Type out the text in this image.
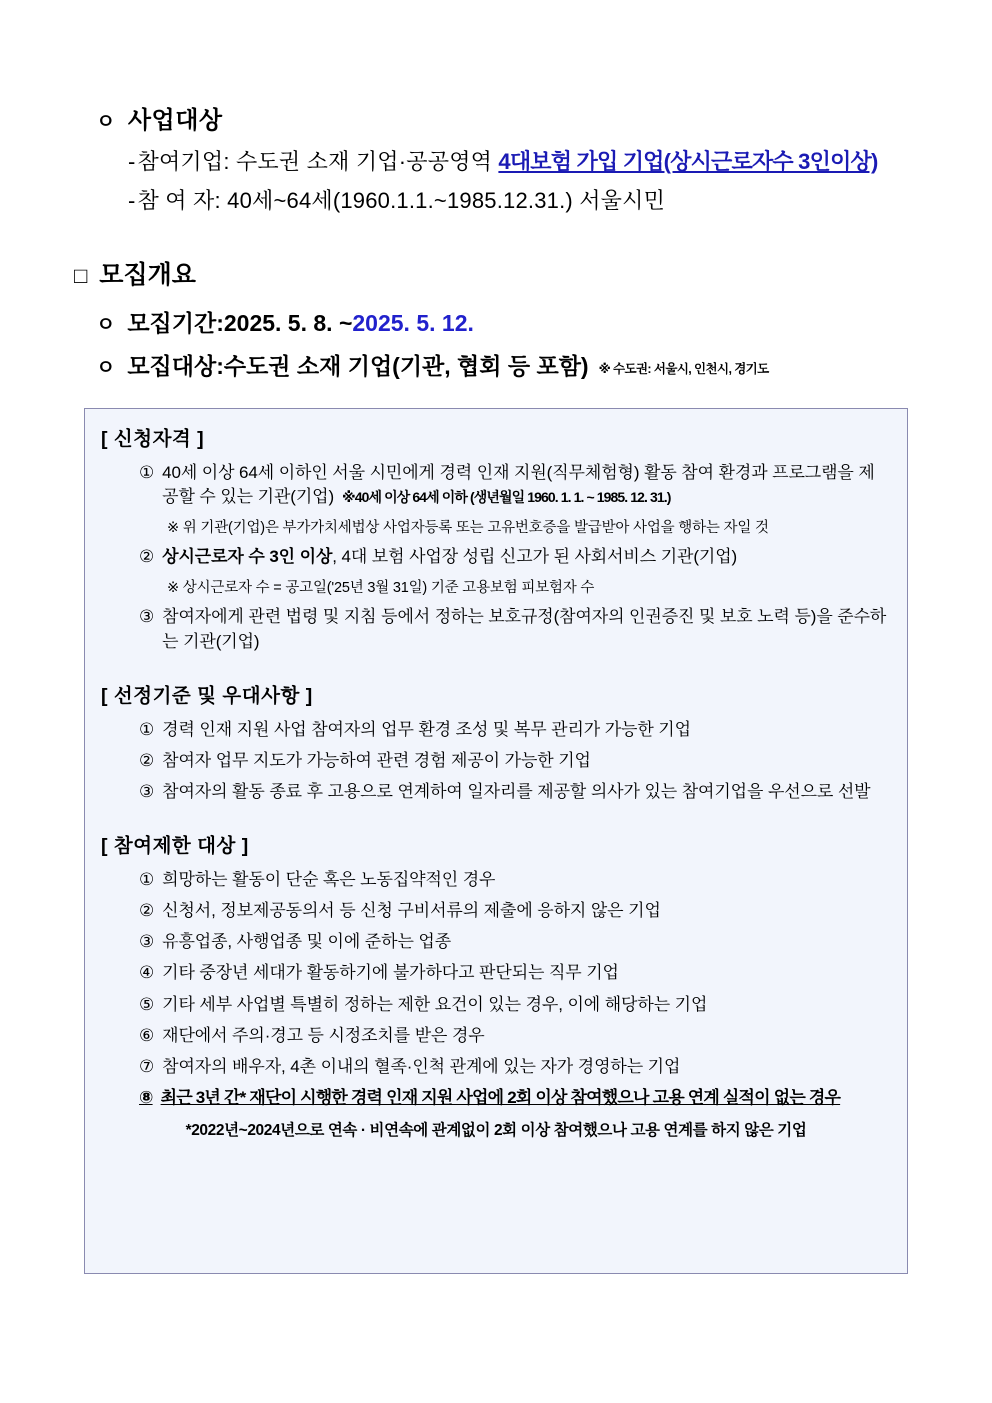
ㅇ 사업대상
-참여기업: 수도권 소재 기업·공공영역 4대보험 가입 기업(상시근로자수 3인이상)
-참 여 자: 40세~64세(1960.1.1.~1985.12.31.) 서울시민
□ 모집개요
ㅇ 모집기간: 2025. 5. 8. ~ 2025. 5. 12.
ㅇ 모집대상: 수도권 소재 기업(기관, 협회 등 포함) ※ 수도권: 서울시, 인천시, 경기도
[ 신청자격 ]
① 40세 이상 64세 이하인 서울 시민에게 경력 인재 지원(직무체험형) 활동 참여 환경과 프로그램을 제공할 수 있는 기관(기업) ※40세 이상 64세 이하 (생년월일 1960. 1. 1. ~ 1985. 12. 31.)
※ 위 기관(기업)은 부가가치세법상 사업자등록 또는 고유번호증을 발급받아 사업을 행하는 자일 것
② 상시근로자 수 3인 이상, 4대 보험 사업장 성립 신고가 된 사회서비스 기관(기업)
※ 상시근로자 수 = 공고일('25년 3월 31일) 기준 고용보험 피보험자 수
③ 참여자에게 관련 법령 및 지침 등에서 정하는 보호규정(참여자의 인권증진 및 보호 노력 등)을 준수하는 기관(기업)
[ 선정기준 및 우대사항 ]
① 경력 인재 지원 사업 참여자의 업무 환경 조성 및 복무 관리가 가능한 기업
② 참여자 업무 지도가 가능하여 관련 경험 제공이 가능한 기업
③ 참여자의 활동 종료 후 고용으로 연계하여 일자리를 제공할 의사가 있는 참여기업을 우선으로 선발
[ 참여제한 대상 ]
① 희망하는 활동이 단순 혹은 노동집약적인 경우
② 신청서, 정보제공동의서 등 신청 구비서류의 제출에 응하지 않은 기업
③ 유흥업종, 사행업종 및 이에 준하는 업종
④ 기타 중장년 세대가 활동하기에 불가하다고 판단되는 직무 기업
⑤ 기타 세부 사업별 특별히 정하는 제한 요건이 있는 경우, 이에 해당하는 기업
⑥ 재단에서 주의·경고 등 시정조치를 받은 경우
⑦ 참여자의 배우자, 4촌 이내의 혈족·인척 관계에 있는 자가 경영하는 기업
⑧ 최근 3년 간* 재단이 시행한 경력 인재 지원 사업에 2회 이상 참여했으나 고용 연계 실적이 없는 경우
*2022년~2024년으로 연속 · 비연속에 관계없이 2회 이상 참여했으나 고용 연계를 하지 않은 기업
